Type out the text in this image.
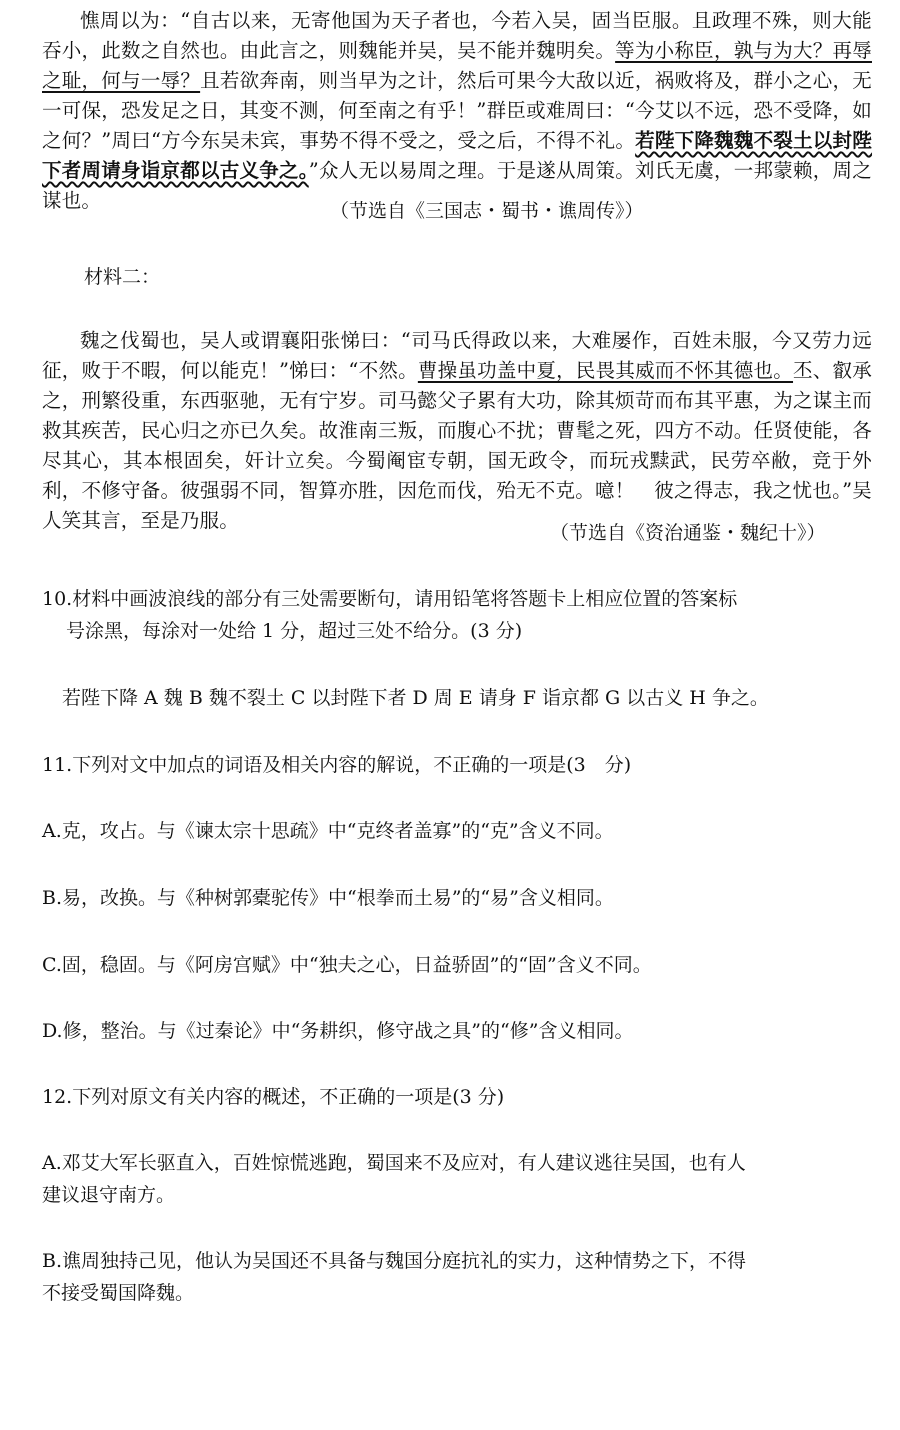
憔周以为：“自古以来，无寄他国为天子者也，今若入吴，固当臣服。且政理不殊，则大能吞小，此数之自然也。由此言之，则魏能并吴，吴不能并魏明矣。等为小称臣，孰与为大？再辱之耻，何与一辱？且若欲奔南，则当早为之计，然后可果今大敌以近，祸败将及，群小之心，无一可保，恐发足之日，其变不测，何至南之有乎！”群臣或难周曰：“今艾以不远，恐不受降，如之何？”周曰“方今东吴未宾，事势不得不受之，受之后，不得不礼。若陛下降魏魏不裂土以封陛下者周请身诣京都以古义争之。”众人无以易周之理。于是遂从周策。刘氏无虞，一邦蒙赖，周之谋也。	（节选自《三国志・蜀书・谯周传》）
材料二：

魏之伐蜀也，吴人或谓襄阳张悌曰：“司马氏得政以来，大难屡作，百姓未服，今又劳力远征，败于不暇，何以能克！”悌曰：“不然。曹操虽功盖中夏，民畏其威而不怀其德也。丕、叡承之，刑繁役重，东西驱驰，无有宁岁。司马懿父子累有大功，除其烦苛而布其平惠，为之谋主而救其疾苦，民心归之亦已久矣。故淮南三叛，而腹心不扰；曹髦之死，四方不动。任贤使能，各尽其心，其本根固矣，奸计立矣。今蜀阉宦专朝，国无政令，而玩戎黩武，民劳卒敝，竞于外利，不修守备。彼强弱不同，智算亦胜，因危而伐，殆无不克。噫！　彼之得志，我之忧也。”吴人笑其言，至是乃服。

（节选自《资治通鉴・魏纪十》）
10.材料中画波浪线的部分有三处需要断句，请用铅笔将答题卡上相应位置的答案标
号涂黑，每涂对一处给 1 分，超过三处不给分。(3 分)
若陛下降 A 魏 B 魏不裂土 C 以封陛下者 D 周 E 请身 F 诣京都 G 以古义 H 争之。
11.下列对文中加点的词语及相关内容的解说，不正确的一项是(3　分)
A.克，攻占。与《谏太宗十思疏》中“克终者盖寡”的“克”含义不同。
B.易，改换。与《种树郭橐驼传》中“根拳而土易”的“易”含义相同。
C.固，稳固。与《阿房宫赋》中“独夫之心，日益骄固”的“固”含义不同。
D.修，整治。与《过秦论》中“务耕织，修守战之具”的“修”含义相同。
12.下列对原文有关内容的概述，不正确的一项是(3 分)
A.邓艾大军长驱直入，百姓惊慌逃跑，蜀国来不及应对，有人建议逃往吴国，也有人
建议退守南方。
B.谯周独持己见，他认为吴国还不具备与魏国分庭抗礼的实力，这种情势之下，不得
不接受蜀国降魏。
